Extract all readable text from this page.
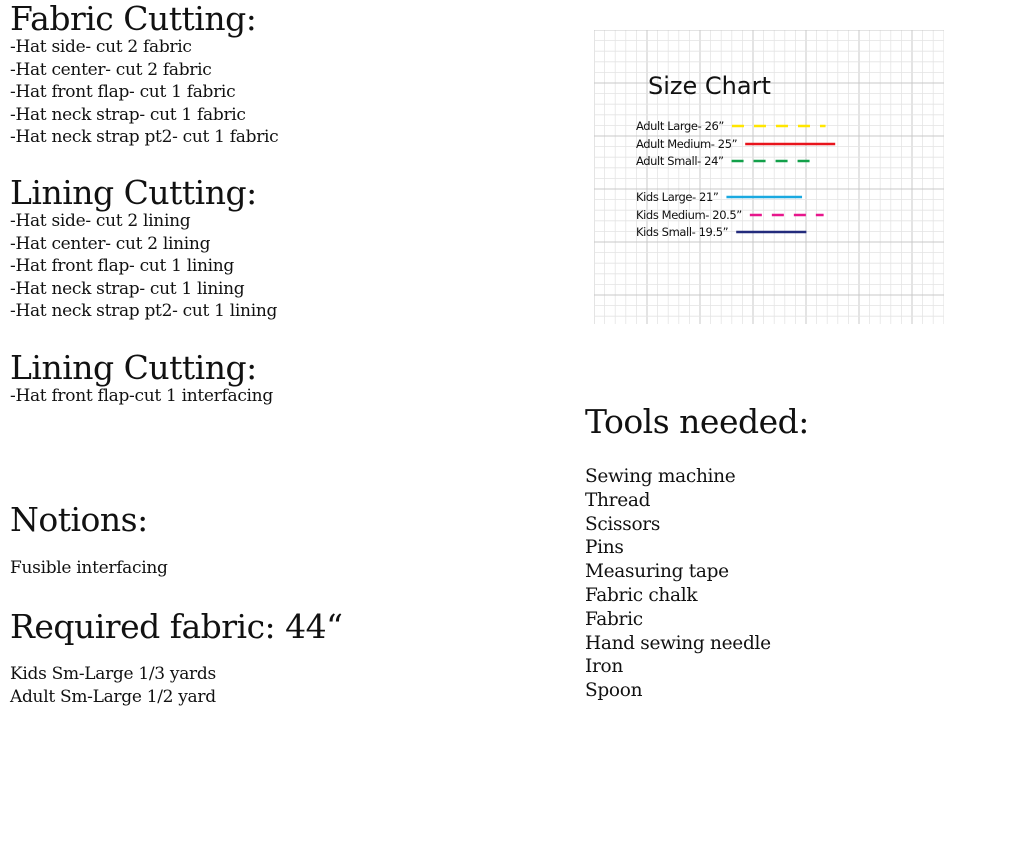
Fabric Cutting:
-Hat side- cut 2 fabric
-Hat center- cut 2 fabric
-Hat front flap- cut 1 fabric
-Hat neck strap- cut 1 fabric
-Hat neck strap pt2- cut 1 fabric
Lining Cutting:
-Hat side- cut 2 lining
-Hat center- cut 2 lining
-Hat front flap- cut 1 lining
-Hat neck strap- cut 1 lining
-Hat neck strap pt2- cut 1 lining
Lining Cutting:
-Hat front flap-cut 1 interfacing
Notions:
Fusible interfacing
Required fabric: 44“
Kids Sm-Large 1/3 yards
Adult Sm-Large 1/2 yard
Size Chart
Adult Large- 26”
Adult Medium- 25”
Adult Small- 24”
Kids Large- 21”
Kids Medium- 20.5”
Kids Small- 19.5”
Tools needed:
Sewing machine
Thread
Scissors
Pins
Measuring tape
Fabric chalk
Fabric
Hand sewing needle
Iron
Spoon
